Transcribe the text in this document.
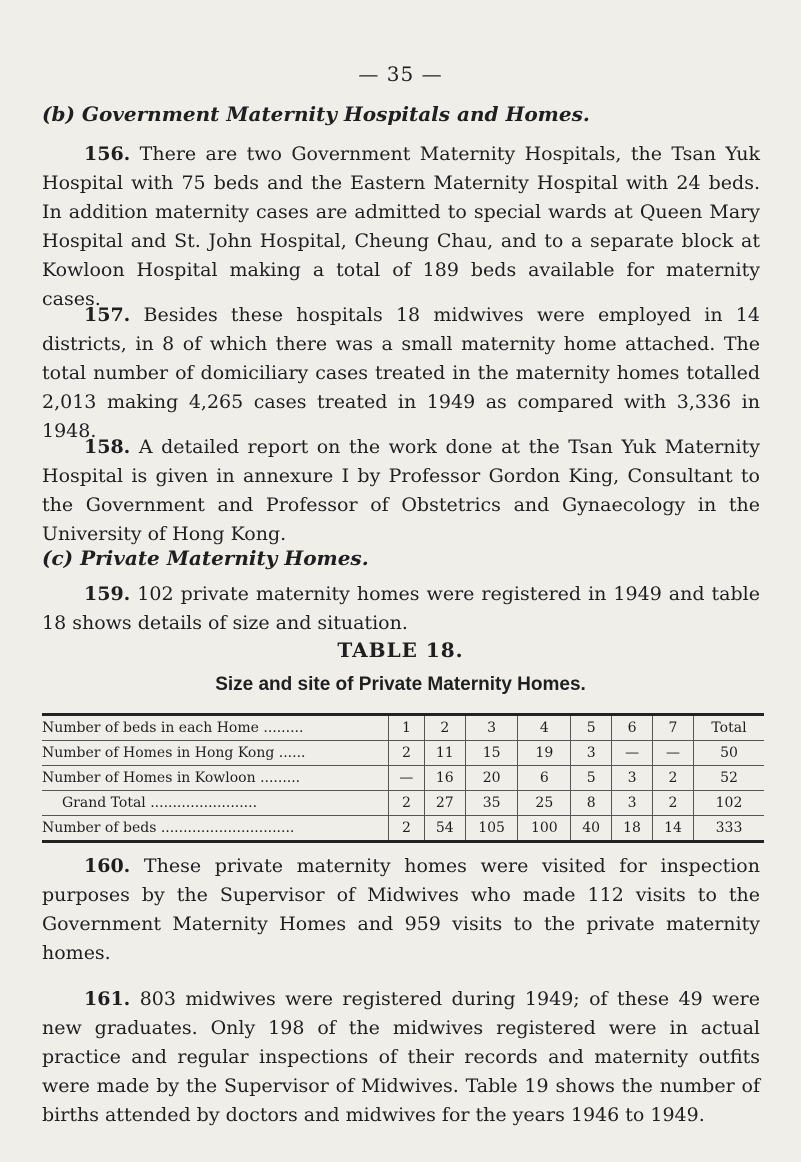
— 35 —
(b) Government Maternity Hospitals and Homes.

156. There are two Government Maternity Hospitals, the Tsan Yuk Hospital with 75 beds and the Eastern Maternity Hospital with 24 beds. In addition maternity cases are admitted to special wards at Queen Mary Hospital and St. John Hospital, Cheung Chau, and to a separate block at Kowloon Hospital making a total of 189 beds available for maternity cases.

157. Besides these hospitals 18 midwives were employed in 14 districts, in 8 of which there was a small maternity home attached. The total number of domiciliary cases treated in the maternity homes totalled 2,013 making 4,265 cases treated in 1949 as compared with 3,336 in 1948.

158. A detailed report on the work done at the Tsan Yuk Maternity Hospital is given in annexure I by Professor Gordon King, Consultant to the Government and Professor of Obstetrics and Gynaecology in the University of Hong Kong.

(c) Private Maternity Homes.

159. 102 private maternity homes were registered in 1949 and table 18 shows details of size and situation.

TABLE 18.
Size and site of Private Maternity Homes.
Number of beds in each Home .........	1	2	3	4	5	6	7	Total
Number of Homes in Hong Kong ......	2	11	15	19	3	—	—	50
Number of Homes in Kowloon .........	—	16	20	6	5	3	2	52
Grand Total ........................	2	27	35	25	8	3	2	102
Number of beds ..............................	2	54	105	100	40	18	14	333

160. These private maternity homes were visited for inspection purposes by the Supervisor of Midwives who made 112 visits to the Government Maternity Homes and 959 visits to the private maternity homes.

161. 803 midwives were registered during 1949; of these 49 were new graduates. Only 198 of the midwives registered were in actual practice and regular inspections of their records and maternity outfits were made by the Supervisor of Midwives. Table 19 shows the number of births attended by doctors and midwives for the years 1946 to 1949.
